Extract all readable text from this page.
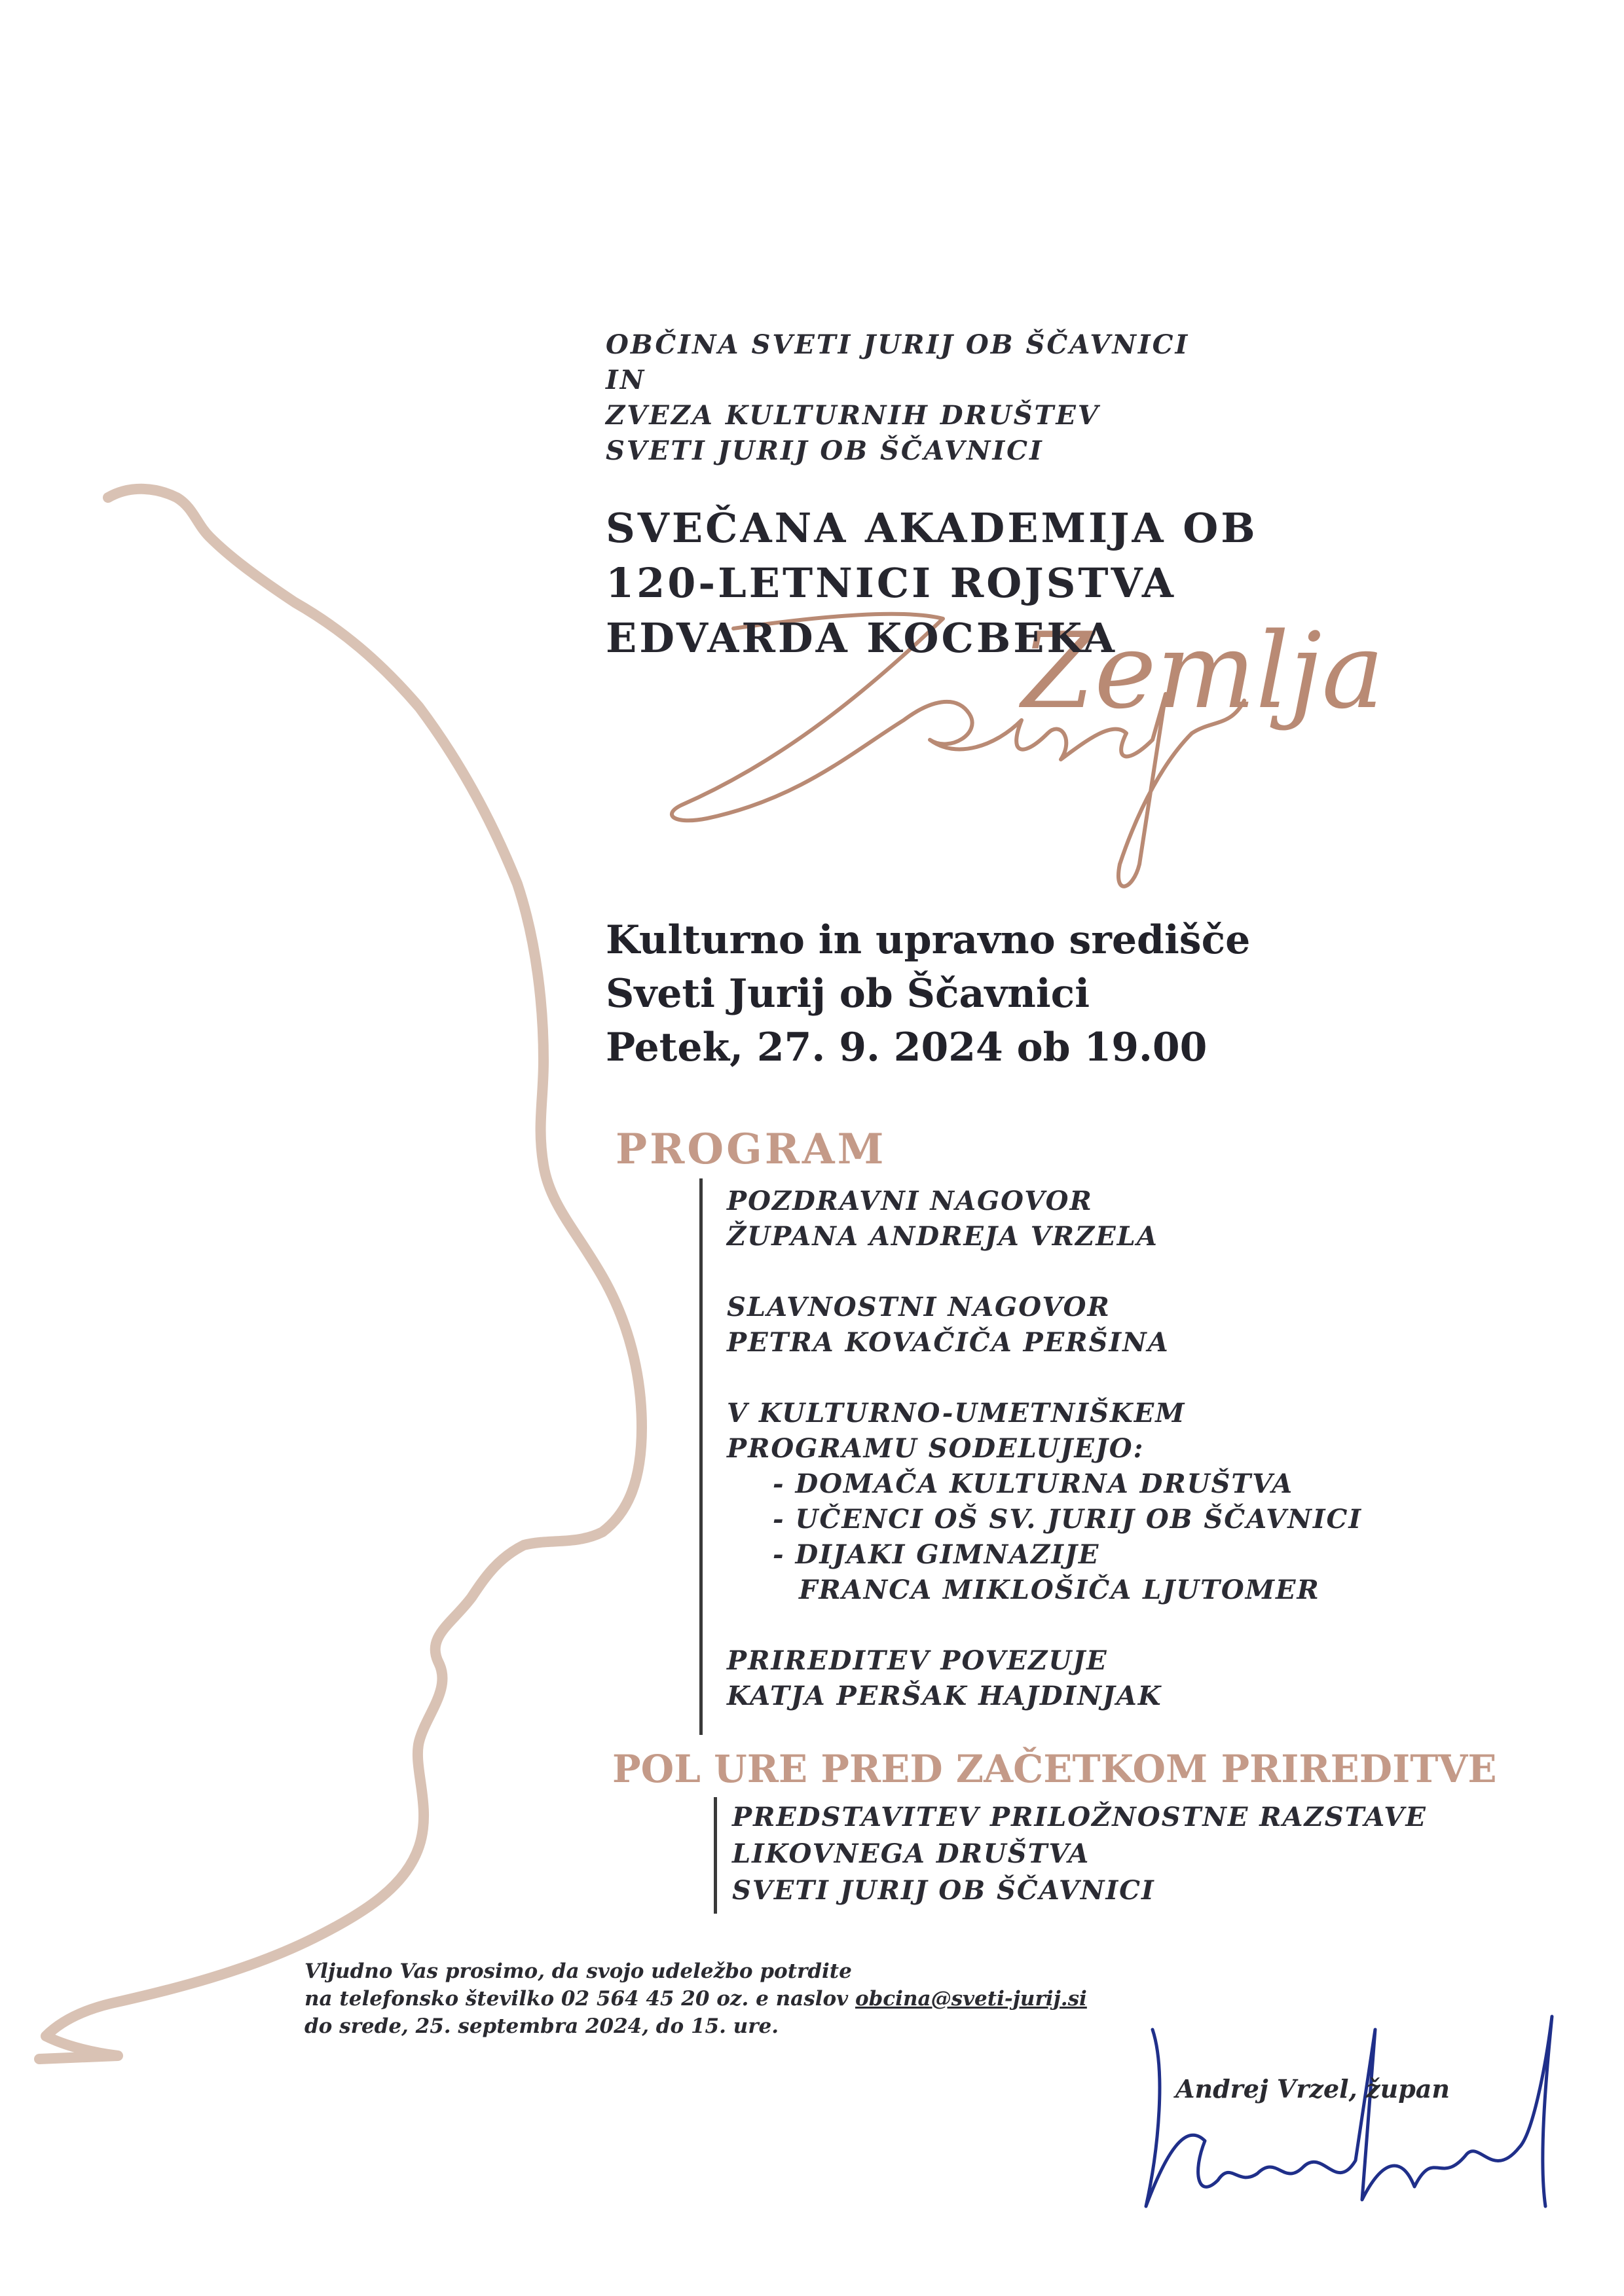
Zemlja
OBČINA SVETI JURIJ OB ŠČAVNICI
IN
ZVEZA KULTURNIH DRUŠTEV
SVETI JURIJ OB ŠČAVNICI
SVEČANA AKADEMIJA OB
120-LETNICI ROJSTVA
EDVARDA KOCBEKA
Kulturno in upravno središče
Sveti Jurij ob Ščavnici
Petek, 27. 9. 2024 ob 19.00
PROGRAM
POZDRAVNI NAGOVOR
ŽUPANA ANDREJA VRZELA
SLAVNOSTNI NAGOVOR
PETRA KOVAČIČA PERŠINA
V KULTURNO-UMETNIŠKEM
PROGRAMU SODELUJEJO:
- DOMAČA KULTURNA DRUŠTVA
- UČENCI OŠ SV. JURIJ OB ŠČAVNICI
- DIJAKI GIMNAZIJE
FRANCA MIKLOŠIČA LJUTOMER
PRIREDITEV POVEZUJE
KATJA PERŠAK HAJDINJAK
POL URE PRED ZAČETKOM PRIREDITVE
PREDSTAVITEV PRILOŽNOSTNE RAZSTAVE
LIKOVNEGA DRUŠTVA
SVETI JURIJ OB ŠČAVNICI
Vljudno Vas prosimo, da svojo udeležbo potrdite
na telefonsko številko 02 564 45 20 oz. e naslov obcina@sveti-jurij.si
do srede, 25. septembra 2024, do 15. ure.
Andrej Vrzel, župan
